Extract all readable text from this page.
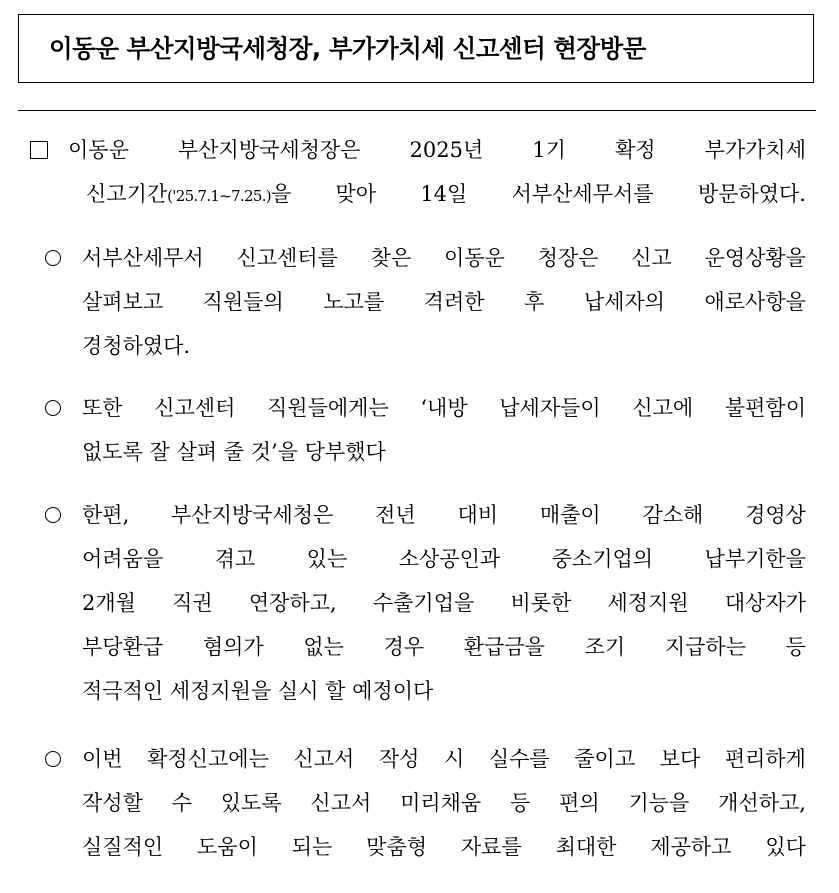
이동운 부산지방국세청장, 부가가치세 신고센터 현장방문
이동운 부산지방국세청장은 2025년 1기 확정 부가가치세
신고기간('25.7.1~7.25.)을 맞아 14일 서부산세무서를 방문하였다.
서부산세무서 신고센터를 찾은 이동운 청장은 신고 운영상황을
살펴보고 직원들의 노고를 격려한 후 납세자의 애로사항을
경청하였다.
또한 신고센터 직원들에게는 ‘내방 납세자들이 신고에 불편함이
없도록 잘 살펴 줄 것’을 당부했다
한편, 부산지방국세청은 전년 대비 매출이 감소해 경영상
어려움을 겪고 있는 소상공인과 중소기업의 납부기한을
2개월 직권 연장하고, 수출기업을 비롯한 세정지원 대상자가
부당환급 혐의가 없는 경우 환급금을 조기 지급하는 등
적극적인 세정지원을 실시 할 예정이다
이번 확정신고에는 신고서 작성 시 실수를 줄이고 보다 편리하게
작성할 수 있도록 신고서 미리채움 등 편의 기능을 개선하고,
실질적인 도움이 되는 맞춤형 자료를 최대한 제공하고 있다
